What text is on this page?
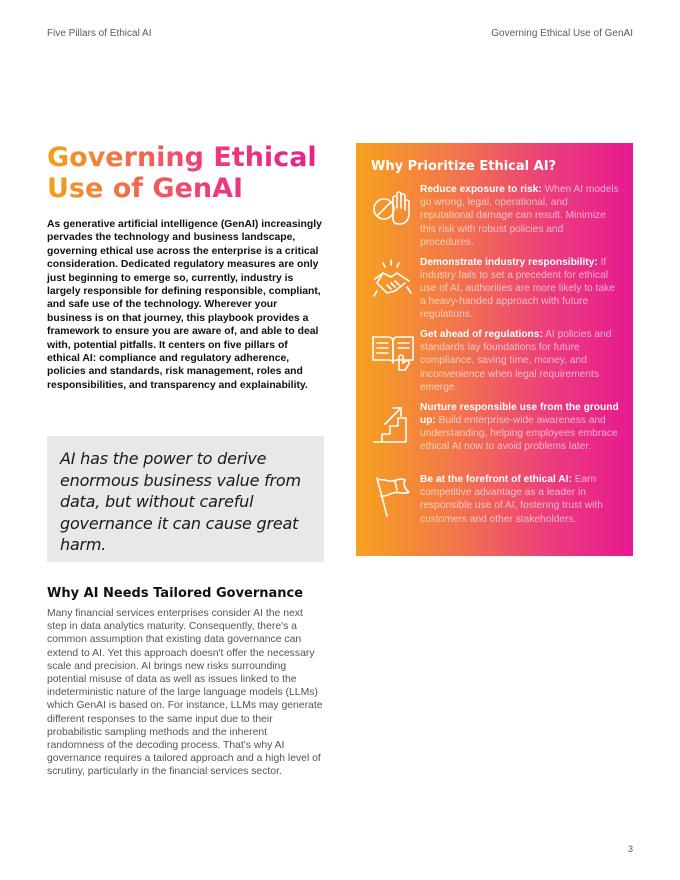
Five Pillars of Ethical AI	Governing Ethical Use of GenAI
Governing Ethical Use of GenAI

As generative artificial intelligence (GenAI) increasingly pervades the technology and business landscape, governing ethical use across the enterprise is a critical consideration. Dedicated regulatory measures are only just beginning to emerge so, currently, industry is largely responsible for defining responsible, compliant, and safe use of the technology. Wherever your business is on that journey, this playbook provides a framework to ensure you are aware of, and able to deal with, potential pitfalls. It centers on five pillars of ethical AI: compliance and regulatory adherence, policies and standards, risk management, roles and responsibilities, and transparency and explainability.

AI has the power to derive enormous business value from data, but without careful governance it can cause great harm.

Why AI Needs Tailored Governance

Many financial services enterprises consider AI the next step in data analytics maturity. Consequently, there's a common assumption that existing data governance can extend to AI. Yet this approach doesn't offer the necessary scale and precision. AI brings new risks surrounding potential misuse of data as well as issues linked to the indeterministic nature of the large language models (LLMs) which GenAI is based on. For instance, LLMs may generate different responses to the same input due to their probabilistic sampling methods and the inherent randomness of the decoding process. That's why AI governance requires a tailored approach and a high level of scrutiny, particularly in the financial services sector.

Why Prioritize Ethical AI?
Reduce exposure to risk: When AI models go wrong, legal, operational, and reputational damage can result. Minimize this risk with robust policies and procedures.
Demonstrate industry responsibility: If industry fails to set a precedent for ethical use of AI, authorities are more likely to take a heavy-handed approach with future regulations.
Get ahead of regulations: AI policies and standards lay foundations for future compliance, saving time, money, and inconvenience when legal requirements emerge.
Nurture responsible use from the ground up: Build enterprise-wide awareness and understanding, helping employees embrace ethical AI now to avoid problems later.
Be at the forefront of ethical AI: Earn competitive advantage as a leader in responsible use of AI, fostering trust with customers and other stakeholders.
3
